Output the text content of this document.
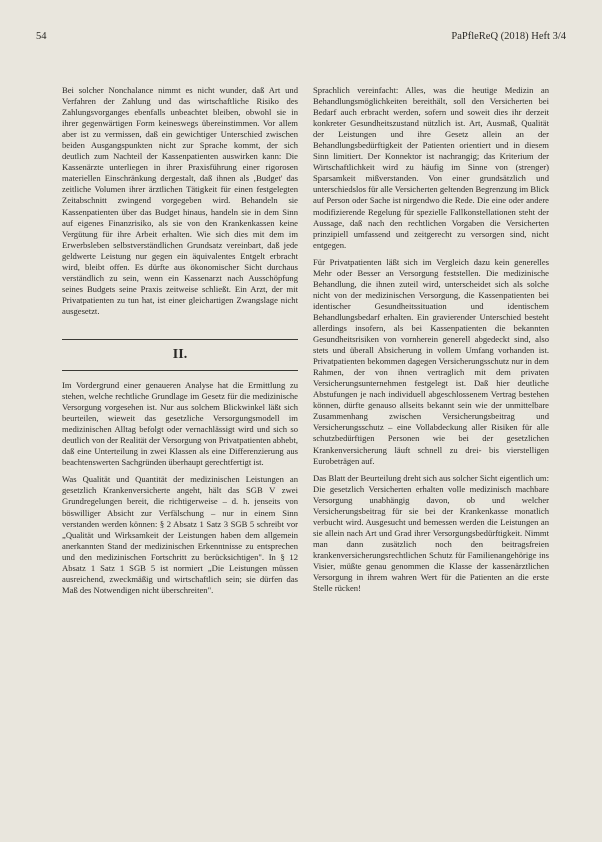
54	PaPfleReQ (2018) Heft 3/4

Bei solcher Nonchalance nimmt es nicht wunder, daß Art und Verfahren der Zahlung und das wirtschaftliche Risiko des Zahlungsvorganges ebenfalls unbeachtet bleiben, obwohl sie in ihrer gegenwärtigen Form keineswegs übereinstimmen. Vor allem aber ist zu vermissen, daß ein gewichtiger Unterschied zwischen beiden Ausgangspunkten nicht zur Sprache kommt, der sich deutlich zum Nachteil der Kassenpatienten auswirken kann: Die Kassenärzte unterliegen in ihrer Praxisführung einer rigorosen materiellen Einschränkung dergestalt, daß ihnen als ‚Budget' das zeitliche Volumen ihrer ärztlichen Tätigkeit für einen festgelegten Zeitabschnitt zwingend vorgegeben wird. Behandeln sie Kassenpatienten über das Budget hinaus, handeln sie in dem Sinn auf eigenes Finanzrisiko, als sie von den Krankenkassen keine Vergütung für ihre Arbeit erhalten. Wie sich dies mit dem im Erwerbsleben selbstverständlichen Grundsatz vereinbart, daß jede geldwerte Leistung nur gegen ein äquivalentes Entgelt erbracht wird, bleibt offen. Es dürfte aus ökonomischer Sicht durchaus verständlich zu sein, wenn ein Kassenarzt nach Ausschöpfung seines Budgets seine Praxis zeitweise schließt. Ein Arzt, der mit Privatpatienten zu tun hat, ist einer gleichartigen Zwangslage nicht ausgesetzt.

II.

Im Vordergrund einer genaueren Analyse hat die Ermittlung zu stehen, welche rechtliche Grundlage im Gesetz für die medizinische Versorgung vorgesehen ist. Nur aus solchem Blickwinkel läßt sich beurteilen, wieweit das gesetzliche Versorgungsmodell im medizinischen Alltag befolgt oder vernachlässigt wird und sich so deutlich von der Realität der Versorgung von Privatpatienten abhebt, daß eine Unterteilung in zwei Klassen als eine Differenzierung aus beachtenswerten Sachgründen überhaupt gerechtfertigt ist.

Was Qualität und Quantität der medizinischen Leistungen an gesetzlich Krankenversicherte angeht, hält das SGB V zwei Grundregelungen bereit, die richtigerweise – d. h. jenseits von böswilliger Absicht zur Verfälschung – nur in einem Sinn verstanden werden können: § 2 Absatz 1 Satz 3 SGB 5 schreibt vor „Qualität und Wirksamkeit der Leistungen haben dem allgemein anerkannten Stand der medizinischen Erkenntnisse zu entsprechen und den medizinischen Fortschritt zu berücksichtigen". In § 12 Absatz 1 Satz 1 SGB 5 ist normiert „Die Leistungen müssen ausreichend, zweckmäßig und wirtschaftlich sein; sie dürfen das Maß des Notwendigen nicht überschreiten".

Sprachlich vereinfacht: Alles, was die heutige Medizin an Behandlungsmöglichkeiten bereithält, soll den Versicherten bei Bedarf auch erbracht werden, sofern und soweit dies ihr derzeit konkreter Gesundheitszustand nützlich ist. Art, Ausmaß, Qualität der Leistungen und ihre Gesetz allein an der Behandlungsbedürftigkeit der Patienten orientiert und in diesem Sinn limitiert. Der Konnektor ist nachrangig; das Kriterium der Wirtschaftlichkeit wird zu häufig im Sinne von (strenger) Sparsamkeit mißverstanden. Von einer grundsätzlich und unterschiedslos für alle Versicherten geltenden Begrenzung im Blick auf Person oder Sache ist nirgendwo die Rede. Die eine oder andere modifizierende Regelung für spezielle Fallkonstellationen steht der Aussage, daß nach den rechtlichen Vorgaben die Versicherten prinzipiell umfassend und zeitgerecht zu versorgen sind, nicht entgegen.

Für Privatpatienten läßt sich im Vergleich dazu kein generelles Mehr oder Besser an Versorgung feststellen. Die medizinische Behandlung, die ihnen zuteil wird, unterscheidet sich als solche nicht von der medizinischen Versorgung, die Kassenpatienten bei identischer Gesundheitssituation und identischem Behandlungsbedarf erhalten. Ein gravierender Unterschied besteht allerdings insofern, als bei Kassenpatienten die bekannten Gesundheitsrisiken von vornherein generell abgedeckt sind, also stets und überall Absicherung in vollem Umfang vorhanden ist. Privatpatienten bekommen dagegen Versicherungsschutz nur in dem Rahmen, der von ihnen vertraglich mit dem privaten Versicherungsunternehmen festgelegt ist. Daß hier deutliche Abstufungen je nach individuell abgeschlossenem Vertrag bestehen können, dürfte genauso allseits bekannt sein wie der unmittelbare Zusammenhang zwischen Versicherungsbeitrag und Versicherungsschutz – eine Vollabdeckung aller Risiken für alle schutzbedürftigen Personen wie bei der gesetzlichen Krankenversicherung läuft schnell zu drei- bis vierstelligen Eurobeträgen auf.

Das Blatt der Beurteilung dreht sich aus solcher Sicht eigentlich um: Die gesetzlich Versicherten erhalten volle medizinisch machbare Versorgung unabhängig davon, ob und welcher Versicherungsbeitrag für sie bei der Krankenkasse monatlich verbucht wird. Ausgesucht und bemessen werden die Leistungen an sie allein nach Art und Grad ihrer Versorgungsbedürftigkeit. Nimmt man dann zusätzlich noch den beitragsfreien krankenversicherungsrechtlichen Schutz für Familienangehörige ins Visier, müßte genau genommen die Klasse der kassenärztlichen Versorgung in ihrem wahren Wert für die Patienten an die erste Stelle rücken!
